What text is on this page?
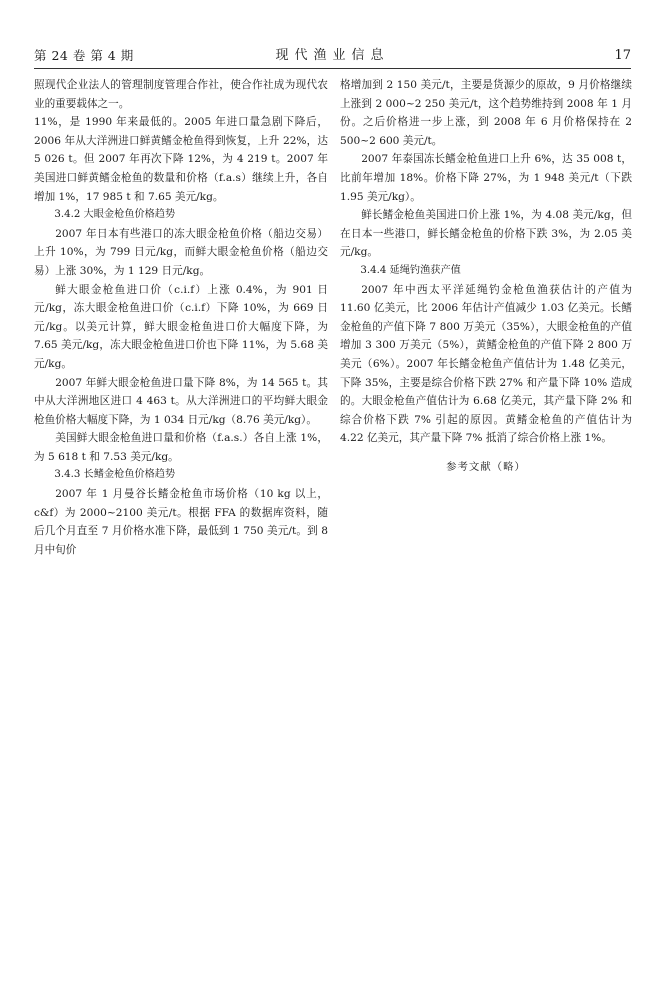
第 24 卷 第 4 期	现代渔业信息	17

照现代企业法人的管理制度管理合作社，使合作社成为现代农业的重要载体之一。

11%，是 1990 年来最低的。2005 年进口量急剧下降后，2006 年从大洋洲进口鲜黄鳍金枪鱼得到恢复，上升 22%，达 5 026 t。但 2007 年再次下降 12%，为 4 219 t。2007 年美国进口鲜黄鳍金枪鱼的数量和价格（f.a.s）继续上升，各自增加 1%，17 985 t 和 7.65 美元/kg。

3.4.2 大眼金枪鱼价格趋势

2007 年日本有些港口的冻大眼金枪鱼价格（船边交易）上升 10%，为 799 日元/kg，而鲜大眼金枪鱼价格（船边交易）上涨 30%，为 1 129 日元/kg。

鲜大眼金枪鱼进口价（c.i.f）上涨 0.4%，为 901 日元/kg，冻大眼金枪鱼进口价（c.i.f）下降 10%，为 669 日元/kg。以美元计算，鲜大眼金枪鱼进口价大幅度下降，为 7.65 美元/kg，冻大眼金枪鱼进口价也下降 11%，为 5.68 美元/kg。

2007 年鲜大眼金枪鱼进口量下降 8%，为 14 565 t。其中从大洋洲地区进口 4 463 t。从大洋洲进口的平均鲜大眼金枪鱼价格大幅度下降，为 1 034 日元/kg（8.76 美元/kg）。

美国鲜大眼金枪鱼进口量和价格（f.a.s.）各自上涨 1%，为 5 618 t 和 7.53 美元/kg。

3.4.3 长鳍金枪鱼价格趋势

2007 年 1 月曼谷长鳍金枪鱼市场价格（10 kg 以上，c&f）为 2000~2100 美元/t。根据 FFA 的数据库资料，随后几个月直至 7 月价格水准下降，最低到 1 750 美元/t。到 8 月中旬价

格增加到 2 150 美元/t，主要是货源少的原故，9 月价格继续上涨到 2 000~2 250 美元/t，这个趋势维持到 2008 年 1 月份。之后价格进一步上涨，到 2008 年 6 月价格保持在 2 500~2 600 美元/t。

2007 年泰国冻长鳍金枪鱼进口上升 6%，达 35 008 t，比前年增加 18%。价格下降 27%，为 1 948 美元/t（下跌 1.95 美元/kg）。

鲜长鳍金枪鱼美国进口价上涨 1%，为 4.08 美元/kg，但在日本一些港口，鲜长鳍金枪鱼的价格下跌 3%，为 2.05 美元/kg。

3.4.4 延绳钓渔获产值

2007 年中西太平洋延绳钓金枪鱼渔获估计的产值为 11.60 亿美元，比 2006 年估计产值减少 1.03 亿美元。长鳍金枪鱼的产值下降 7 800 万美元（35%），大眼金枪鱼的产值增加 3 300 万美元（5%），黄鳍金枪鱼的产值下降 2 800 万美元（6%）。2007 年长鳍金枪鱼产值估计为 1.48 亿美元，下降 35%，主要是综合价格下跌 27% 和产量下降 10% 造成的。大眼金枪鱼产值估计为 6.68 亿美元，其产量下降 2% 和综合价格下跌 7% 引起的原因。黄鳍金枪鱼的产值估计为 4.22 亿美元，其产量下降 7% 抵消了综合价格上涨 1%。

参考文献（略）
